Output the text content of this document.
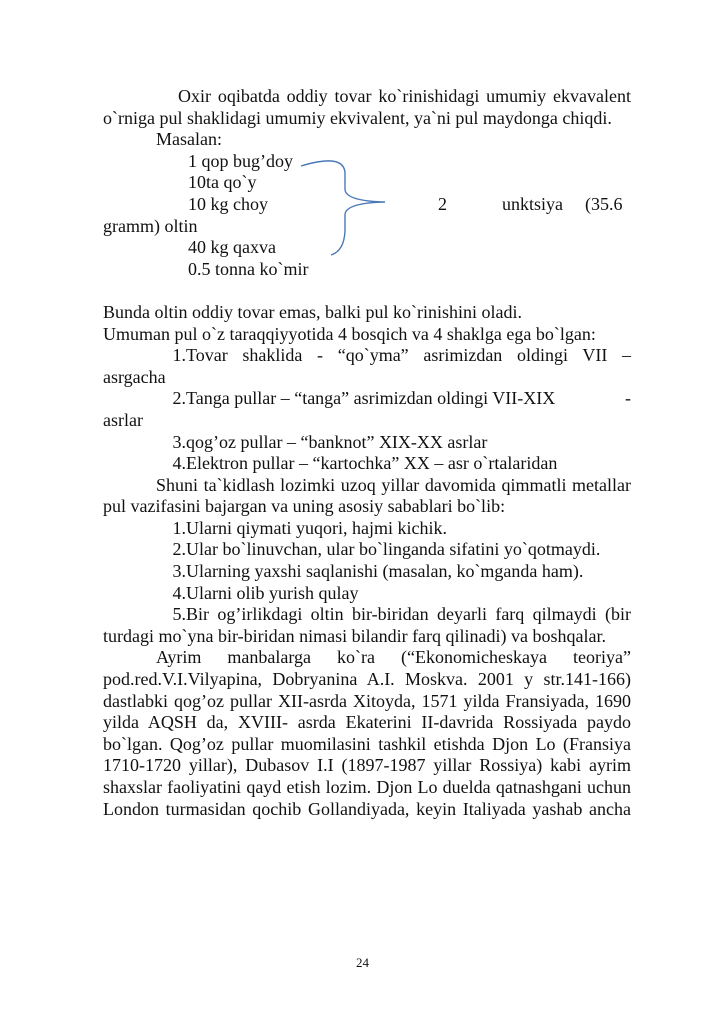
Oxir oqibatda oddiy tovar ko`rinishidagi umumiy ekvavalent o`rniga pul shaklidagi umumiy ekvivalent, ya`ni pul maydonga chiqdi.

Masalan:

1 qop bug’doy
10ta qo`y
10 kg choy	2	unktsiya (35.6
gramm) oltin
40 kg qaxva
0.5 tonna ko`mir

Bunda oltin oddiy tovar emas, balki pul ko`rinishini oladi.

Umuman pul o`z taraqqiyyotida 4 bosqich va 4 shaklga ega bo`lgan:

1. Tovar shaklida - “qo`yma” asrimizdan oldingi VII –

asrgacha

2. Tanga pullar – “tanga” asrimizdan oldingi VII-XIX	-

asrlar

3. qog’oz pullar – “banknot” XIX-XX asrlar
4. Elektron pullar – “kartochka” XX – asr o`rtalaridan

Shuni ta`kidlash lozimki uzoq yillar davomida qimmatli metallar pul vazifasini bajargan va uning asosiy sabablari bo`lib:

1. Ularni qiymati yuqori, hajmi kichik.
2. Ular bo`linuvchan, ular bo`linganda sifatini yo`qotmaydi.
3. Ularning yaxshi saqlanishi (masalan, ko`mganda ham).
4. Ularni olib yurish qulay
5. Bir og’irlikdagi oltin bir-biridan deyarli farq qilmaydi (bir

turdagi mo`yna bir-biridan nimasi bilandir farq qilinadi) va boshqalar.

Ayrim manbalarga ko`ra (“Ekonomicheskaya teoriya” pod.red.V.I.Vilyapina, Dobryanina A.I. Moskva. 2001 y str.141-166) dastlabki qog’oz pullar XII-asrda Xitoyda, 1571 yilda Fransiyada, 1690 yilda AQSH da, XVIII- asrda Ekaterini II-davrida Rossiyada paydo bo`lgan. Qog’oz pullar muomilasini tashkil etishda Djon Lo (Fransiya 1710-1720 yillar), Dubasov I.I (1897-1987 yillar Rossiya) kabi ayrim shaxslar faoliyatini qayd etish lozim. Djon Lo duelda qatnashgani uchun London turmasidan qochib Gollandiyada, keyin Italiyada yashab ancha

24
